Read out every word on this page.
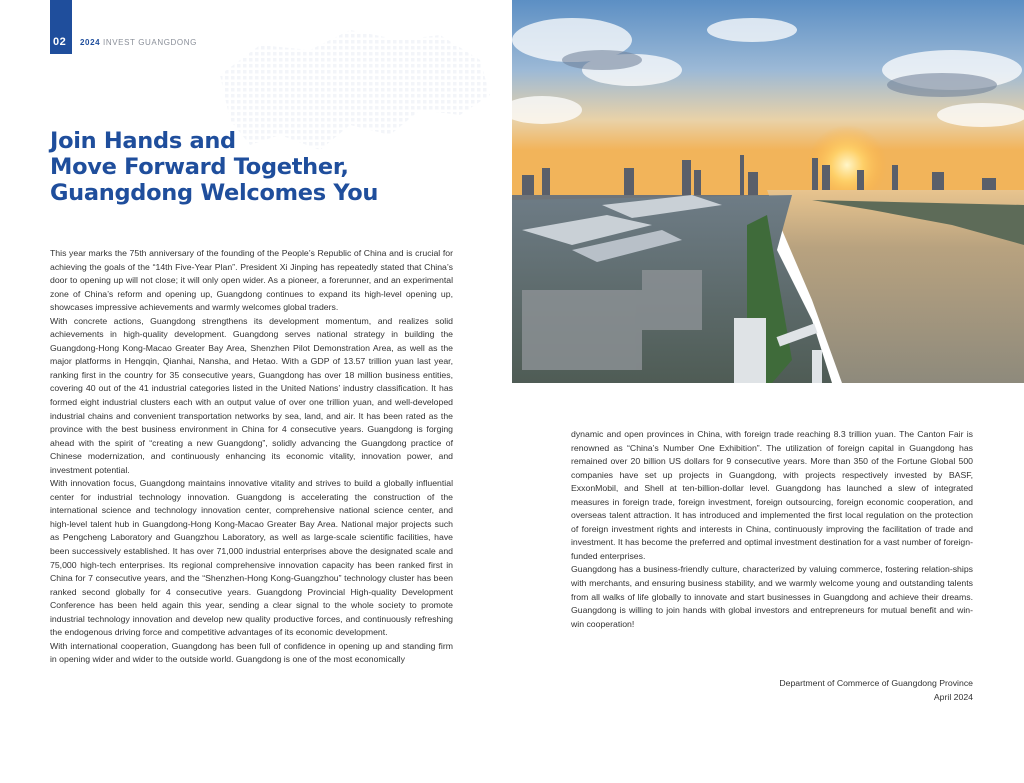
02 2024 INVEST GUANGDONG
Join Hands and
Move Forward Together,
Guangdong Welcomes You

This year marks the 75th anniversary of the founding of the People’s Republic of China and is crucial for achieving the goals of the “14th Five-Year Plan”. President Xi Jinping has repeatedly stated that China’s door to opening up will not close; it will only open wider. As a pioneer, a forerunner, and an experimental zone of China’s reform and opening up, Guangdong continues to expand its high-level opening up, showcases impressive achievements and warmly welcomes global traders.

With concrete actions, Guangdong strengthens its development momentum, and realizes solid achievements in high-quality development. Guangdong serves national strategy in building the Guangdong-Hong Kong-Macao Greater Bay Area, Shenzhen Pilot Demonstration Area, as well as the major platforms in Hengqin, Qianhai, Nansha, and Hetao. With a GDP of 13.57 trillion yuan last year, ranking first in the country for 35 consecutive years, Guangdong has over 18 million business entities, covering 40 out of the 41 industrial categories listed in the United Nations’ industry classification. It has formed eight industrial clusters each with an output value of over one trillion yuan, and well-developed industrial chains and convenient transportation networks by sea, land, and air. It has been rated as the province with the best business environment in China for 4 consecutive years. Guangdong is forging ahead with the spirit of “creating a new Guangdong”, solidly advancing the Guangdong practice of Chinese modernization, and continuously enhancing its economic vitality, innovation power, and investment potential.

With innovation focus, Guangdong maintains innovative vitality and strives to build a globally influential center for industrial technology innovation. Guangdong is accelerating the construction of the international science and technology innovation center, comprehensive national science center, and high-level talent hub in Guangdong-Hong Kong-Macao Greater Bay Area. National major projects such as Pengcheng Laboratory and Guangzhou Laboratory, as well as large-scale scientific facilities, have been successively established. It has over 71,000 industrial enterprises above the designated scale and 75,000 high-tech enterprises. Its regional comprehensive innovation capacity has been ranked first in China for 7 consecutive years, and the “Shenzhen-Hong Kong-Guangzhou” technology cluster has been ranked second globally for 4 consecutive years. Guangdong Provincial High-quality Development Conference has been held again this year, sending a clear signal to the whole society to promote industrial technology innovation and develop new quality productive forces, and continuously refreshing the endogenous driving force and competitive advantages of its economic development.

With international cooperation, Guangdong has been full of confidence in opening up and standing firm in opening wider and wider to the outside world. Guangdong is one of the most economically

dynamic and open provinces in China, with foreign trade reaching 8.3 trillion yuan. The Canton Fair is renowned as “China’s Number One Exhibition”. The utilization of foreign capital in Guangdong has remained over 20 billion US dollars for 9 consecutive years. More than 350 of the Fortune Global 500 companies have set up projects in Guangdong, with projects respectively invested by BASF, ExxonMobil, and Shell at ten-billion-dollar level. Guangdong has launched a slew of integrated measures in foreign trade, foreign investment, foreign outsourcing, foreign economic cooperation, and overseas talent attraction. It has introduced and implemented the first local regulation on the protection of foreign investment rights and interests in China, continuously improving the facilitation of trade and investment. It has become the preferred and optimal investment destination for a vast number of foreign-funded enterprises.

Guangdong has a business-friendly culture, characterized by valuing commerce, fostering relation-ships with merchants, and ensuring business stability, and we warmly welcome young and outstanding talents from all walks of life globally to innovate and start businesses in Guangdong and achieve their dreams. Guangdong is willing to join hands with global investors and entrepreneurs for mutual benefit and win-win cooperation!

Department of Commerce of Guangdong Province
April 2024
